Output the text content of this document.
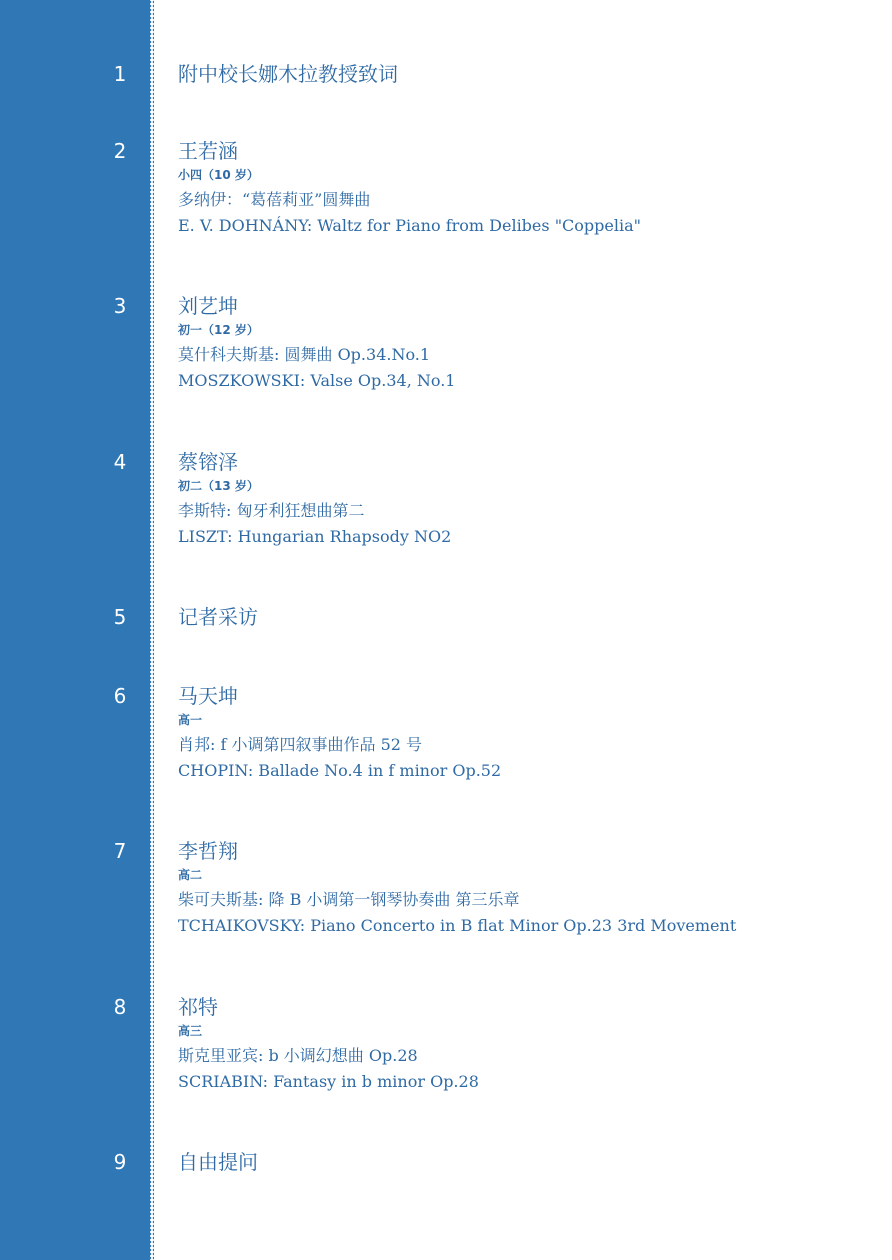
1	附中校长娜木拉教授致词
2	王若涵
小四（10 岁）
多纳伊：“葛蓓莉亚”圆舞曲
E. V. DOHNÁNY: Waltz for Piano from Delibes "Coppelia"
3	刘艺坤
初一（12 岁）
莫什科夫斯基: 圆舞曲 Op.34.No.1
MOSZKOWSKI: Valse Op.34, No.1
4	蔡镕泽
初二（13 岁）
李斯特: 匈牙利狂想曲第二
LISZT: Hungarian Rhapsody NO2
5	记者采访
6	马天坤
高一
肖邦: f 小调第四叙事曲作品 52 号
CHOPIN: Ballade No.4 in f minor Op.52
7	李哲翔
高二
柴可夫斯基: 降 B 小调第一钢琴协奏曲 第三乐章
TCHAIKOVSKY: Piano Concerto in B flat Minor Op.23 3rd Movement
8	祁特
高三
斯克里亚宾: b 小调幻想曲 Op.28
SCRIABIN: Fantasy in b minor Op.28
9	自由提问
